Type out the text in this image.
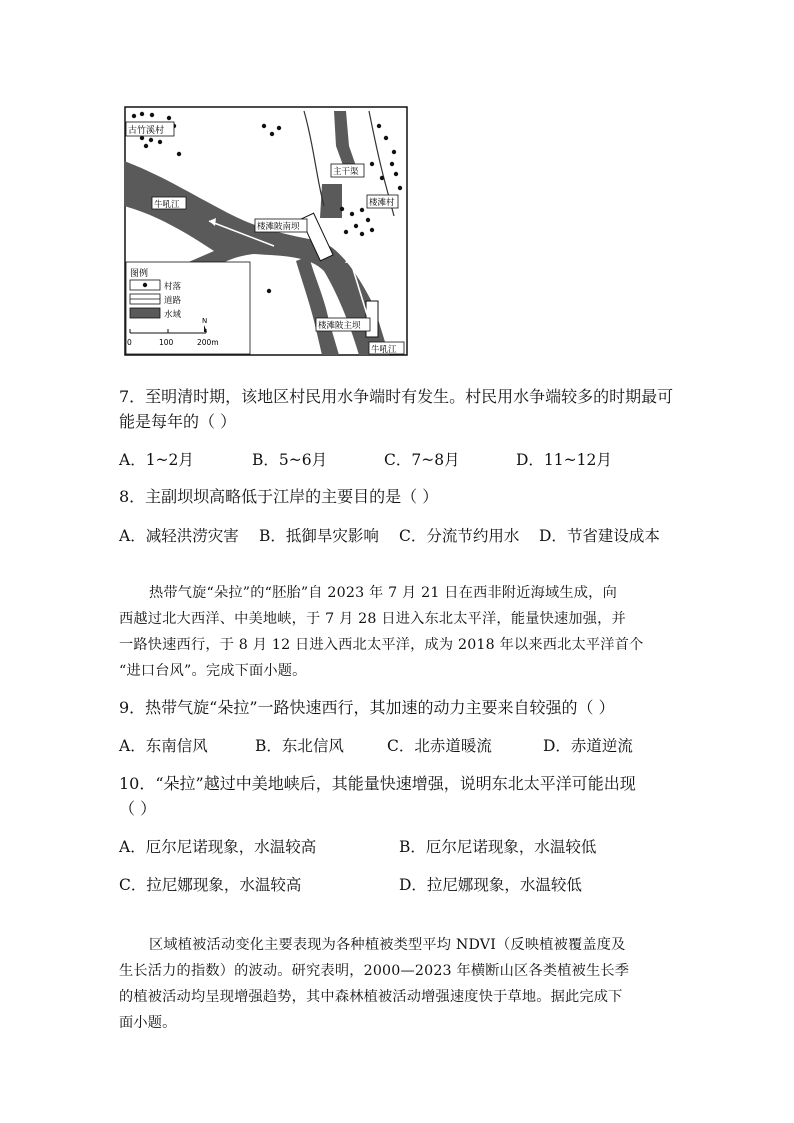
古竹溪村
主干渠
楼滩村
牛吼江
楼滩陂南坝
楼滩陂主坝
牛吼江
图例
村落
道路
水域
N
0	100	200m
7．至明清时期，该地区村民用水争端时有发生。村民用水争端较多的时期最可
能是每年的（ ）
A．1~2月	B．5~6月	C．7~8月	D．11~12月
8．主副坝坝高略低于江岸的主要目的是（ ）
A．减轻洪涝灾害 B．抵御旱灾影响 C．分流节约用水 D．节省建设成本

热带气旋“朵拉”的“胚胎”自 2023 年 7 月 21 日在西非附近海域生成，向

西越过北大西洋、中美地峡，于 7 月 28 日进入东北太平洋，能量快速加强，并

一路快速西行，于 8 月 12 日进入西北太平洋，成为 2018 年以来西北太平洋首个

“进口台风”。完成下面小题。

9．热带气旋“朵拉”一路快速西行，其加速的动力主要来自较强的（ ）
A．东南信风	B．东北信风	C．北赤道暖流	D．赤道逆流
10．“朵拉”越过中美地峡后，其能量快速增强，说明东北太平洋可能出现
（ ）
A．厄尔尼诺现象，水温较高	B．厄尔尼诺现象，水温较低
C．拉尼娜现象，水温较高	D．拉尼娜现象，水温较低

区域植被活动变化主要表现为各种植被类型平均 NDVI（反映植被覆盖度及

生长活力的指数）的波动。研究表明，2000—2023 年横断山区各类植被生长季

的植被活动均呈现增强趋势，其中森林植被活动增强速度快于草地。据此完成下

面小题。
